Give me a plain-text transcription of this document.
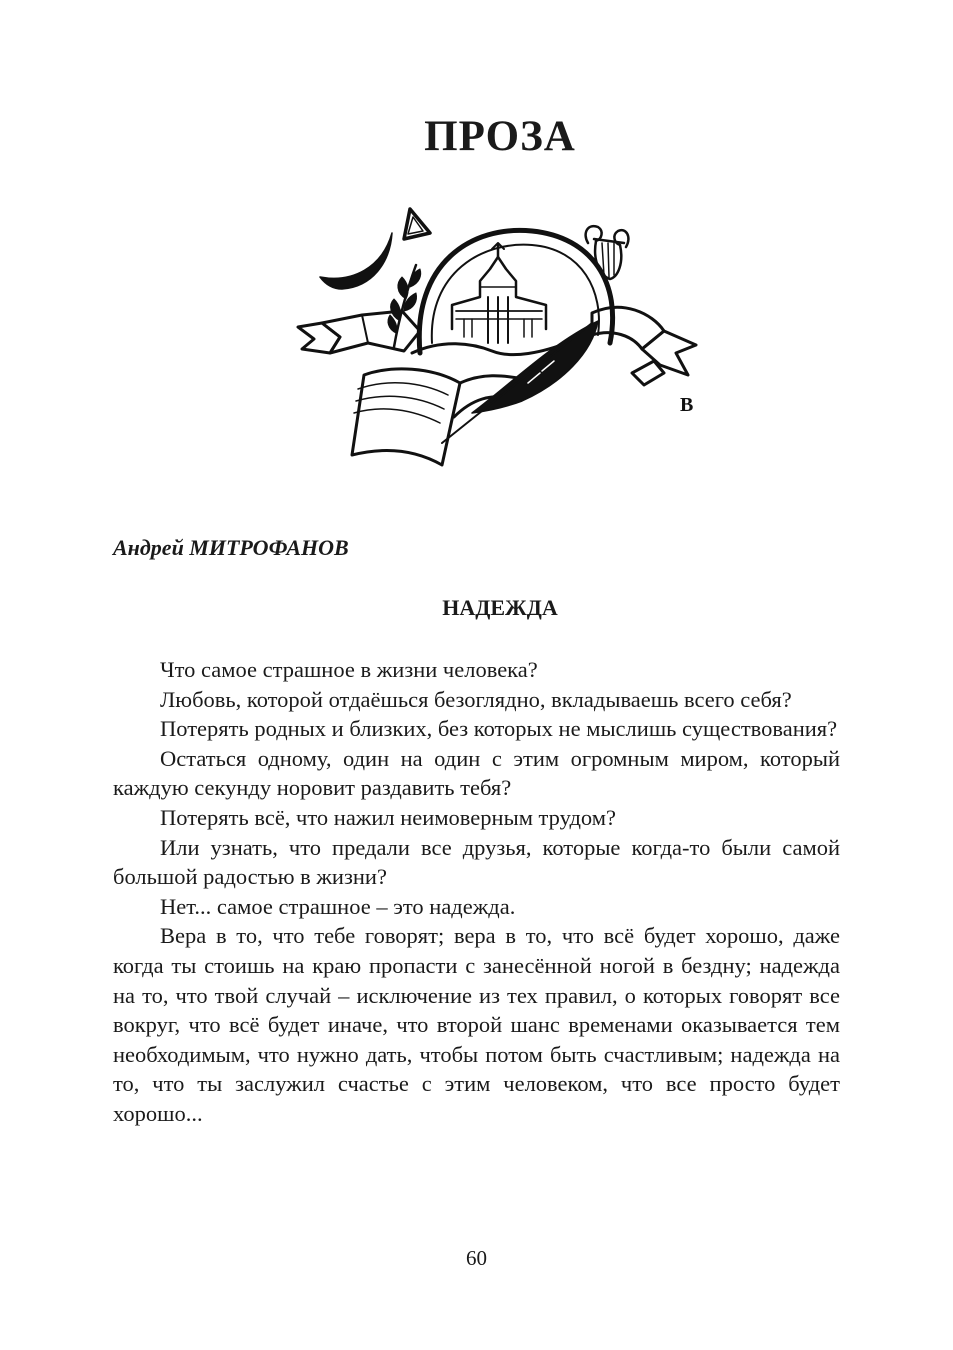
ПРОЗА
В
Андрей МИТРОФАНОВ
НАДЕЖДА

Что самое страшное в жизни человека?

Любовь, которой отдаёшься безоглядно, вкладываешь всего себя?

Потерять родных и близких, без которых не мыслишь существования?

Остаться одному, один на один с этим огромным миром, который каждую секунду норовит раздавить тебя?

Потерять всё, что нажил неимоверным трудом?

Или узнать, что предали все друзья, которые когда-то были самой большой радостью в жизни?

Нет... самое страшное – это надежда.

Вера в то, что тебе говорят; вера в то, что всё будет хорошо, даже когда ты стоишь на краю пропасти с занесённой ногой в бездну; надежда на то, что твой случай – исключение из тех правил, о которых говорят все вокруг, что всё будет иначе, что второй шанс временами оказывается тем необходимым, что нужно дать, чтобы потом быть счастливым; надежда на то, что ты заслужил счастье с этим человеком, что все просто будет хорошо...

60
